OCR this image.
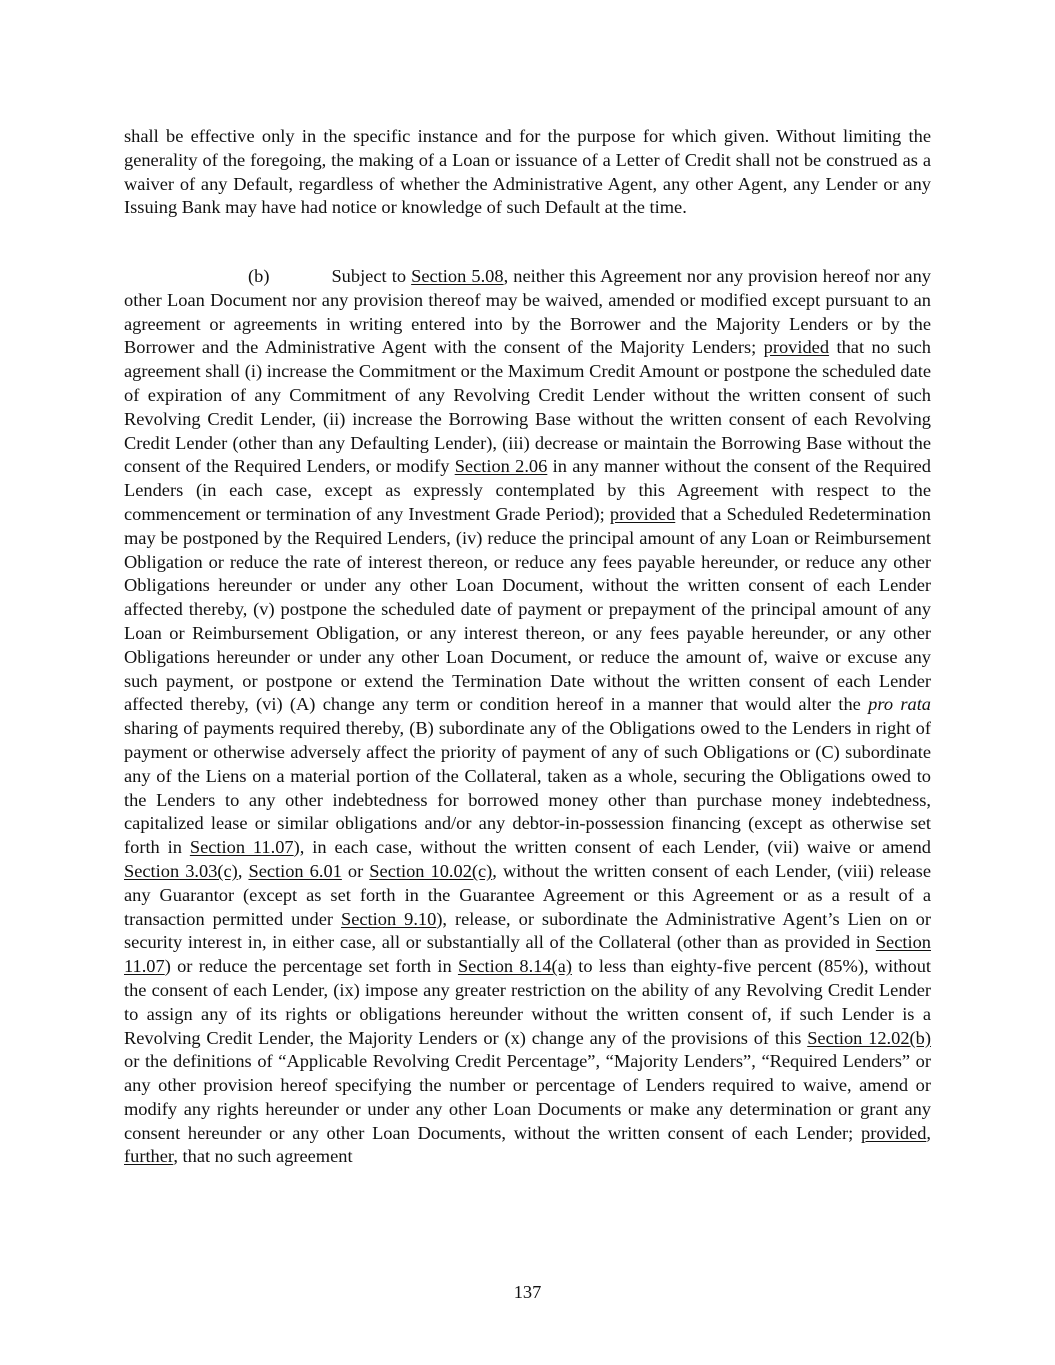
shall be effective only in the specific instance and for the purpose for which given. Without limiting the generality of the foregoing, the making of a Loan or issuance of a Letter of Credit shall not be construed as a waiver of any Default, regardless of whether the Administrative Agent, any other Agent, any Lender or any Issuing Bank may have had notice or knowledge of such Default at the time.

(b)	Subject to Section 5.08, neither this Agreement nor any provision hereof nor any other Loan Document nor any provision thereof may be waived, amended or modified except pursuant to an agreement or agreements in writing entered into by the Borrower and the Majority Lenders or by the Borrower and the Administrative Agent with the consent of the Majority Lenders; provided that no such agreement shall (i) increase the Commitment or the Maximum Credit Amount or postpone the scheduled date of expiration of any Commitment of any Revolving Credit Lender without the written consent of such Revolving Credit Lender, (ii) increase the Borrowing Base without the written consent of each Revolving Credit Lender (other than any Defaulting Lender), (iii) decrease or maintain the Borrowing Base without the consent of the Required Lenders, or modify Section 2.06 in any manner without the consent of the Required Lenders (in each case, except as expressly contemplated by this Agreement with respect to the commencement or termination of any Investment Grade Period); provided that a Scheduled Redetermination may be postponed by the Required Lenders, (iv) reduce the principal amount of any Loan or Reimbursement Obligation or reduce the rate of interest thereon, or reduce any fees payable hereunder, or reduce any other Obligations hereunder or under any other Loan Document, without the written consent of each Lender affected thereby, (v) postpone the scheduled date of payment or prepayment of the principal amount of any Loan or Reimbursement Obligation, or any interest thereon, or any fees payable hereunder, or any other Obligations hereunder or under any other Loan Document, or reduce the amount of, waive or excuse any such payment, or postpone or extend the Termination Date without the written consent of each Lender affected thereby, (vi) (A) change any term or condition hereof in a manner that would alter the pro rata sharing of payments required thereby, (B) subordinate any of the Obligations owed to the Lenders in right of payment or otherwise adversely affect the priority of payment of any of such Obligations or (C) subordinate any of the Liens on a material portion of the Collateral, taken as a whole, securing the Obligations owed to the Lenders to any other indebtedness for borrowed money other than purchase money indebtedness, capitalized lease or similar obligations and/or any debtor-in-possession financing (except as otherwise set forth in Section 11.07), in each case, without the written consent of each Lender, (vii) waive or amend Section 3.03(c), Section 6.01 or Section 10.02(c), without the written consent of each Lender, (viii) release any Guarantor (except as set forth in the Guarantee Agreement or this Agreement or as a result of a transaction permitted under Section 9.10), release, or subordinate the Administrative Agent’s Lien on or security interest in, in either case, all or substantially all of the Collateral (other than as provided in Section 11.07) or reduce the percentage set forth in Section 8.14(a) to less than eighty-five percent (85%), without the consent of each Lender, (ix) impose any greater restriction on the ability of any Revolving Credit Lender to assign any of its rights or obligations hereunder without the written consent of, if such Lender is a Revolving Credit Lender, the Majority Lenders or (x) change any of the provisions of this Section 12.02(b) or the definitions of “Applicable Revolving Credit Percentage”, “Majority Lenders”, “Required Lenders” or any other provision hereof specifying the number or percentage of Lenders required to waive, amend or modify any rights hereunder or under any other Loan Documents or make any determination or grant any consent hereunder or any other Loan Documents, without the written consent of each Lender; provided, further, that no such agreement

137
